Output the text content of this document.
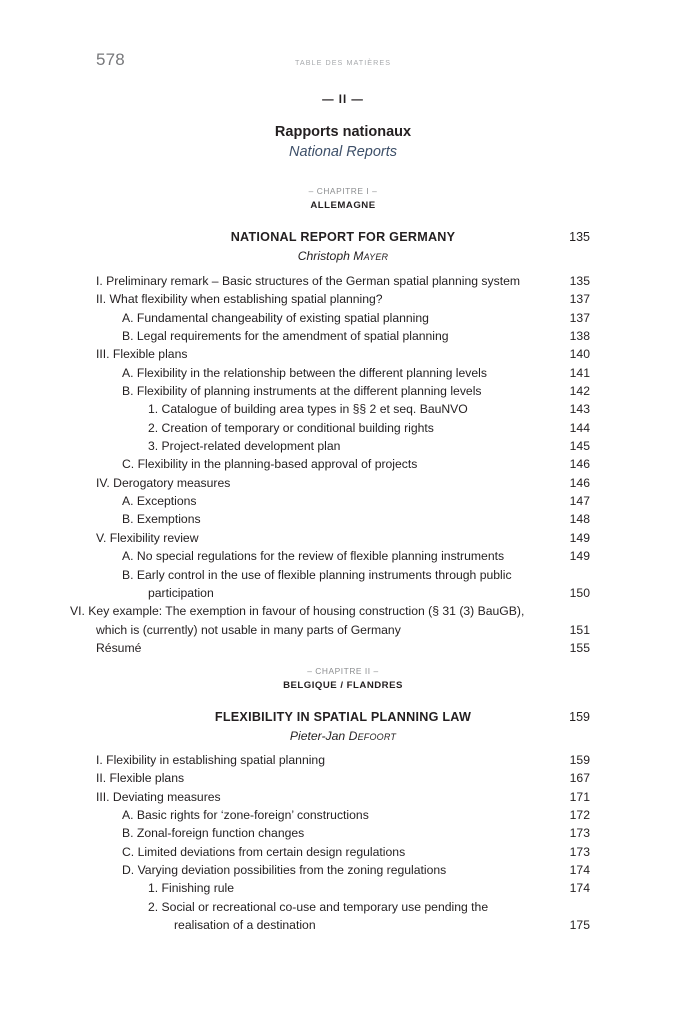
578	TABLE DES MATIÈRES
— II —
Rapports nationaux
National Reports
– CHAPITRE I –
ALLEMAGNE
NATIONAL REPORT FOR GERMANY	135
Christoph Mayer
I. Preliminary remark – Basic structures of the German spatial planning system	135
II. What flexibility when establishing spatial planning?	137
A. Fundamental changeability of existing spatial planning	137
B. Legal requirements for the amendment of spatial planning	138
III. Flexible plans	140
A. Flexibility in the relationship between the different planning levels	141
B. Flexibility of planning instruments at the different planning levels	142
1. Catalogue of building area types in §§ 2 et seq. BauNVO	143
2. Creation of temporary or conditional building rights	144
3. Project-related development plan	145
C. Flexibility in the planning-based approval of projects	146
IV. Derogatory measures	146
A. Exceptions	147
B. Exemptions	148
V. Flexibility review	149
A. No special regulations for the review of flexible planning instruments	149
B. Early control in the use of flexible planning instruments through public participation	150
VI. Key example: The exemption in favour of housing construction (§ 31 (3) BauGB), which is (currently) not usable in many parts of Germany	151
Résumé	155
– CHAPITRE II –
BELGIQUE / FLANDRES
FLEXIBILITY IN SPATIAL PLANNING LAW	159
Pieter-Jan Defoort
I. Flexibility in establishing spatial planning	159
II. Flexible plans	167
III. Deviating measures	171
A. Basic rights for ‘zone-foreign’ constructions	172
B. Zonal-foreign function changes	173
C. Limited deviations from certain design regulations	173
D. Varying deviation possibilities from the zoning regulations	174
1. Finishing rule	174
2. Social or recreational co-use and temporary use pending the realisation of a destination	175
